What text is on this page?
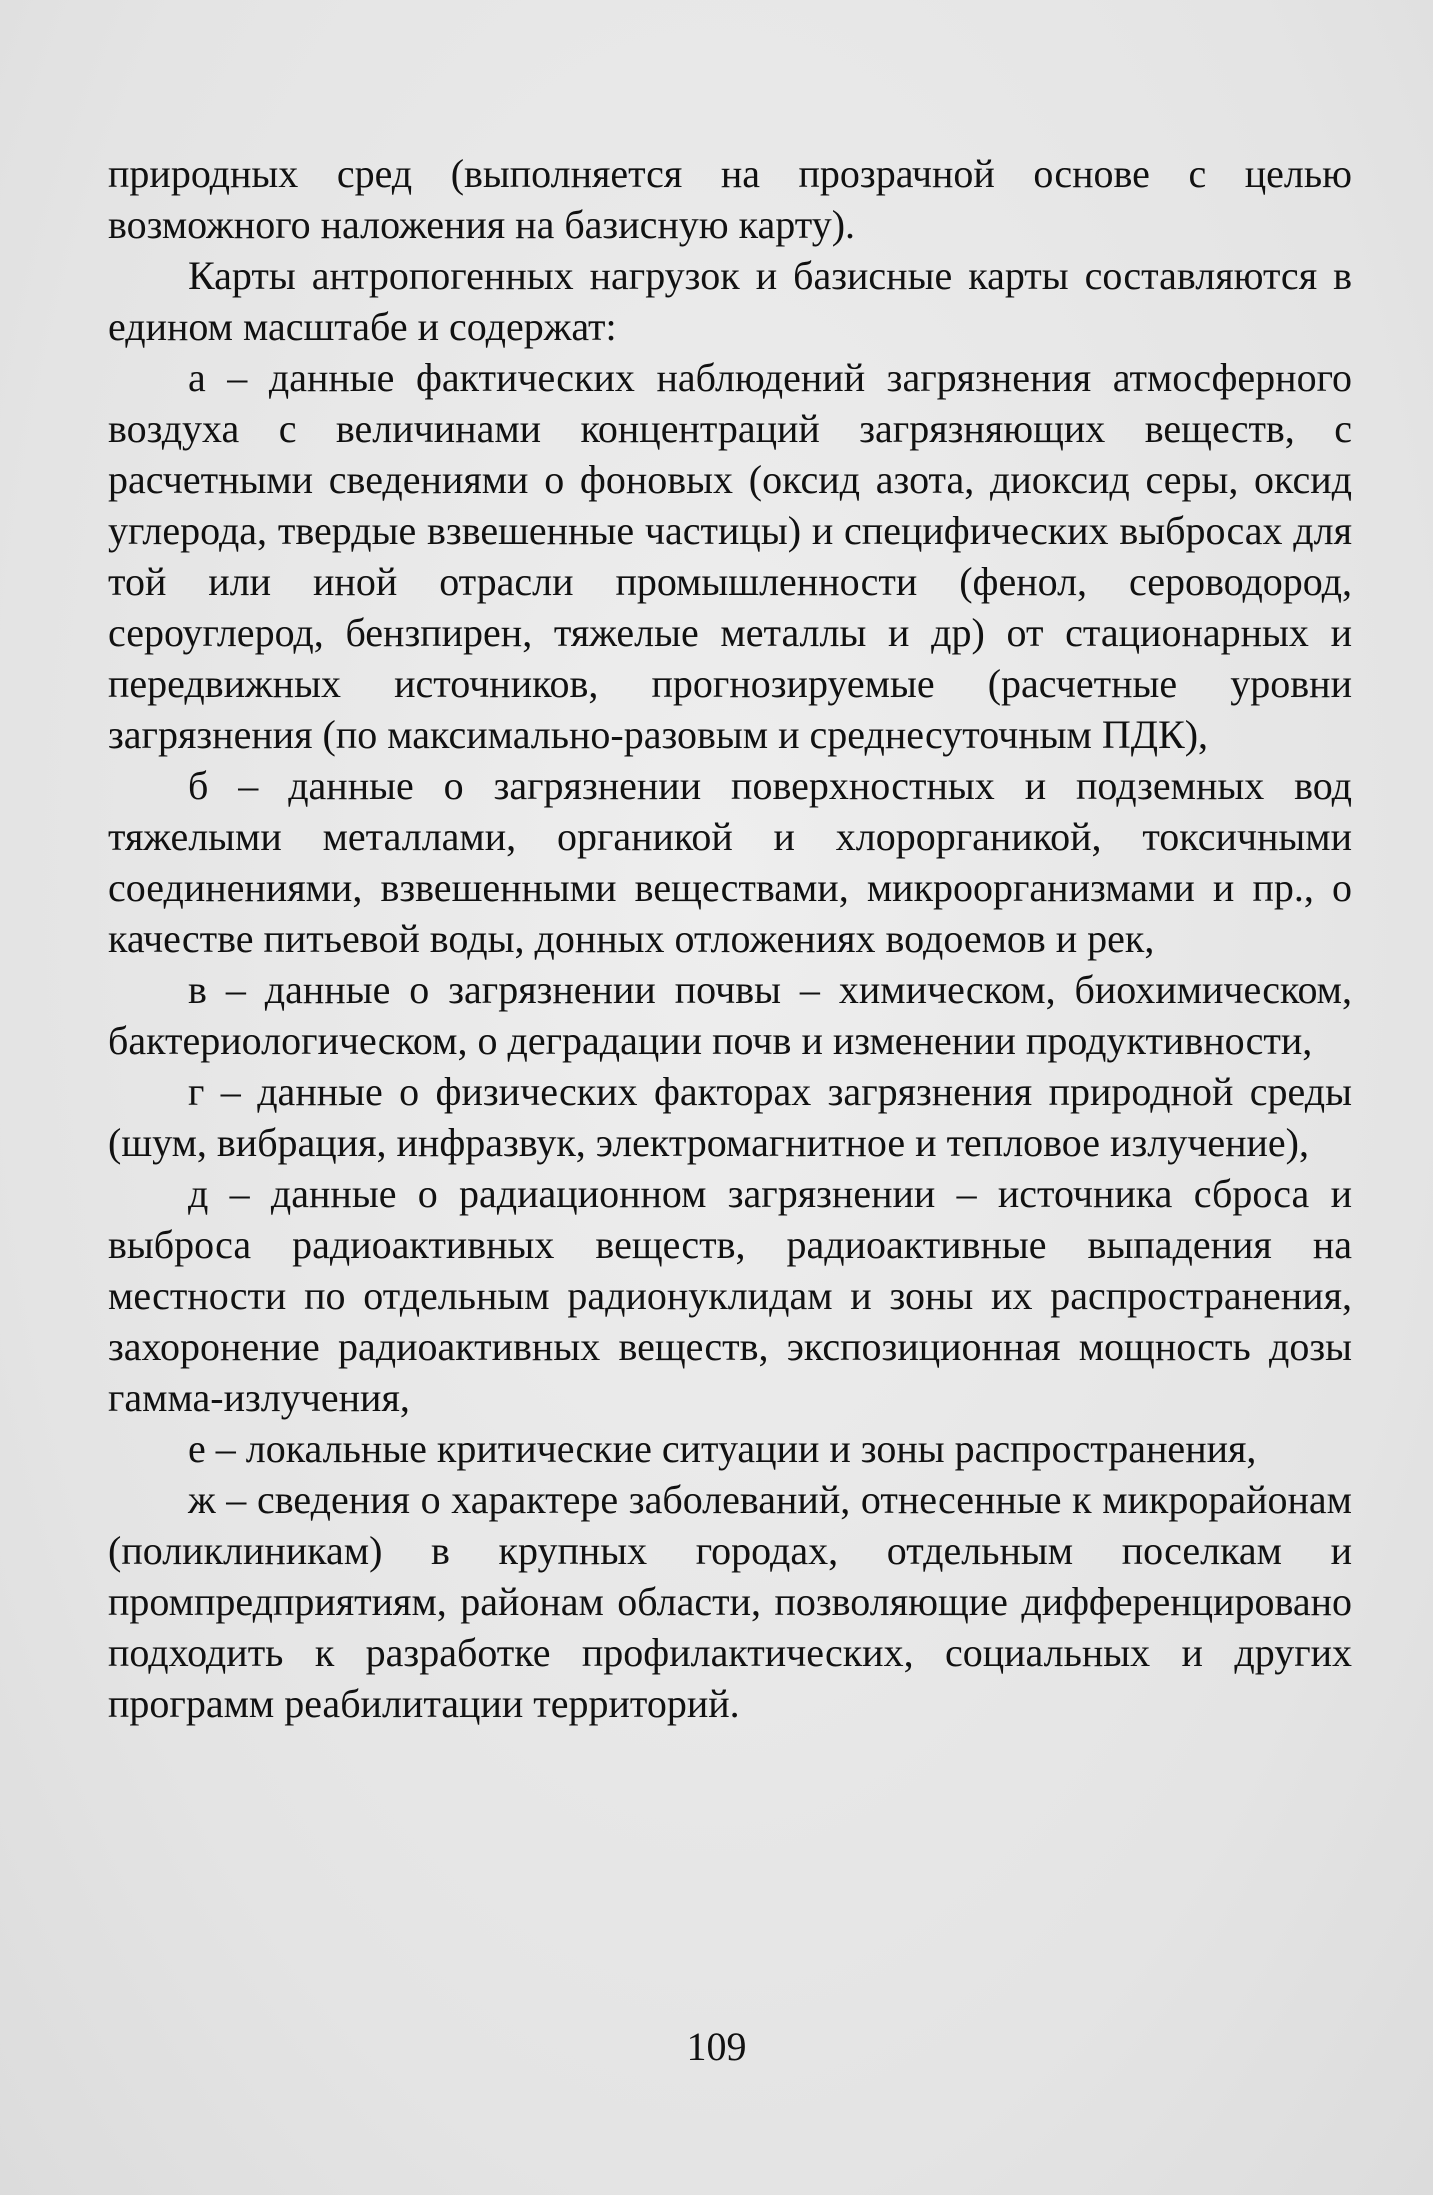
природных сред (выполняется на прозрачной основе с целью возможного наложения на базисную карту).

Карты антропогенных нагрузок и базисные карты составляются в едином масштабе и содержат:

а – данные фактических наблюдений загрязнения атмосферного воздуха с величинами концентраций загрязняющих веществ, с расчетными сведениями о фоновых (оксид азота, диоксид серы, оксид углерода, твердые взвешенные частицы) и специфических выбросах для той или иной отрасли промышленности (фенол, сероводород, сероуглерод, бензпирен, тяжелые металлы и др) от стационарных и передвижных источников, прогнозируемые (расчетные уровни загрязнения (по максимально-разовым и среднесуточным ПДК),

б – данные о загрязнении поверхностных и подземных вод тяжелыми металлами, органикой и хлорорганикой, токсичными соединениями, взвешенными веществами, микроорганизмами и пр., о качестве питьевой воды, донных отложениях водоемов и рек,

в – данные о загрязнении почвы – химическом, биохимическом, бактериологическом, о деградации почв и изменении продуктивности,

г – данные о физических факторах загрязнения природной среды (шум, вибрация, инфразвук, электромагнитное и тепловое излучение),

д – данные о радиационном загрязнении – источника сброса и выброса радиоактивных веществ, радиоактивные выпадения на местности по отдельным радионуклидам и зоны их распространения, захоронение радиоактивных веществ, экспозиционная мощность дозы гамма-излучения,

е – локальные критические ситуации и зоны распространения,

ж – сведения о характере заболеваний, отнесенные к микрорайонам (поликлиникам) в крупных городах, отдельным поселкам и промпредприятиям, районам области, позволяющие дифференцировано подходить к разработке профилактических, социальных и других программ реабилитации территорий.

109
